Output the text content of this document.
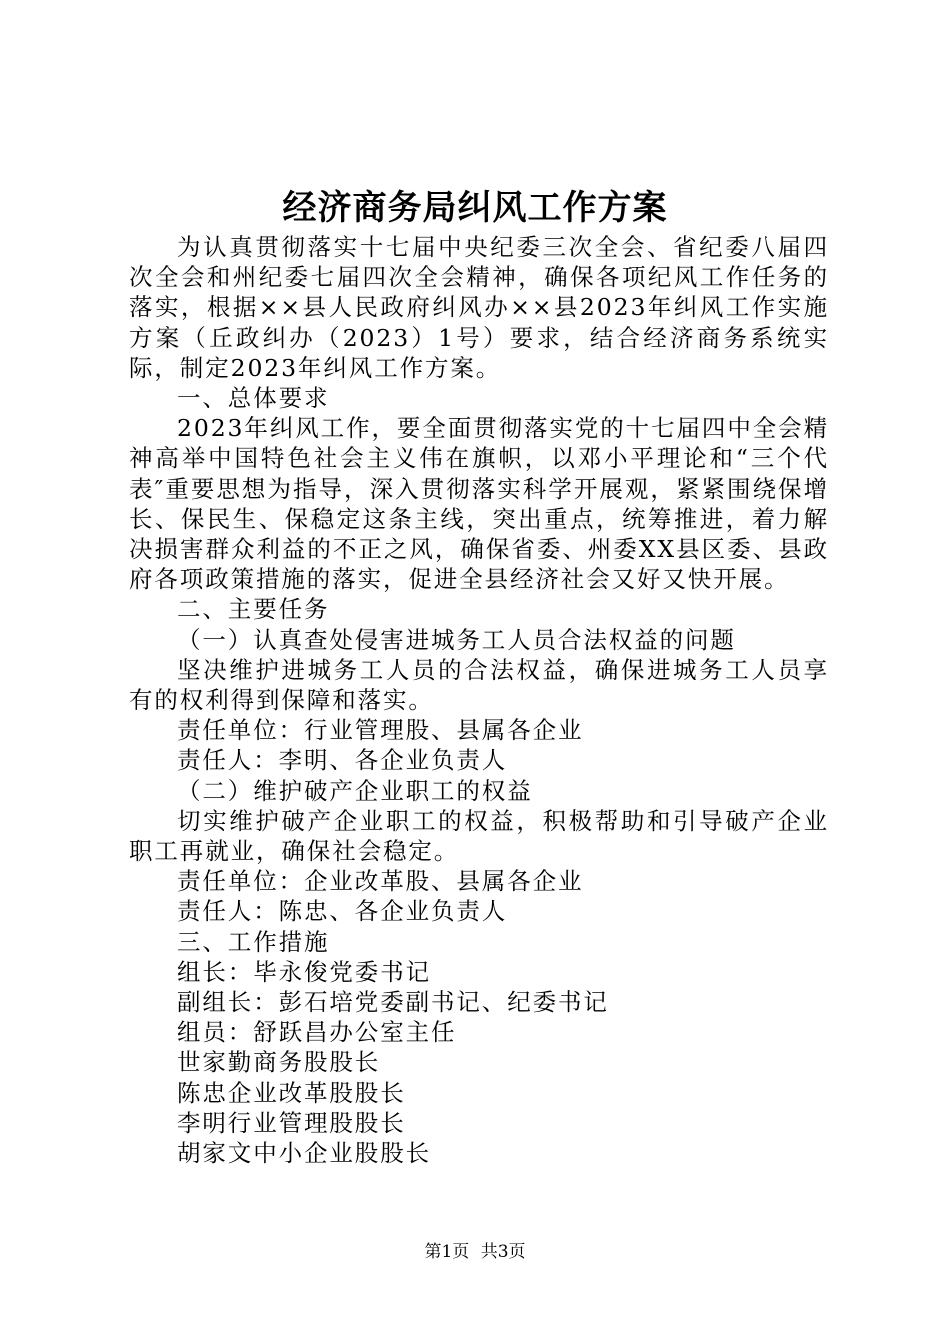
经济商务局纠风工作方案

为认真贯彻落实十七届中央纪委三次全会、省纪委八届四次全会和州纪委七届四次全会精神，确保各项纪风工作任务的落实，根据××县人民政府纠风办××县2023年纠风工作实施方案（丘政纠办（2023）1号）要求，结合经济商务系统实际，制定2023年纠风工作方案。

一、总体要求

2023年纠风工作，要全面贯彻落实党的十七届四中全会精神高举中国特色社会主义伟在旗帜，以邓小平理论和“三个代表″重要思想为指导，深入贯彻落实科学开展观，紧紧围绕保增长、保民生、保稳定这条主线，突出重点，统筹推进，着力解决损害群众利益的不正之风，确保省委、州委XX县区委、县政府各项政策措施的落实，促进全县经济社会又好又快开展。

二、主要任务

（一）认真查处侵害进城务工人员合法权益的问题

坚决维护进城务工人员的合法权益，确保进城务工人员享有的权利得到保障和落实。

责任单位：行业管理股、县属各企业

责任人：李明、各企业负责人

（二）维护破产企业职工的权益

切实维护破产企业职工的权益，积极帮助和引导破产企业职工再就业，确保社会稳定。

责任单位：企业改革股、县属各企业

责任人：陈忠、各企业负责人

三、工作措施

组长：毕永俊党委书记

副组长：彭石培党委副书记、纪委书记

组员：舒跃昌办公室主任

世家勤商务股股长

陈忠企业改革股股长

李明行业管理股股长

胡家文中小企业股股长

第1页 共3页
